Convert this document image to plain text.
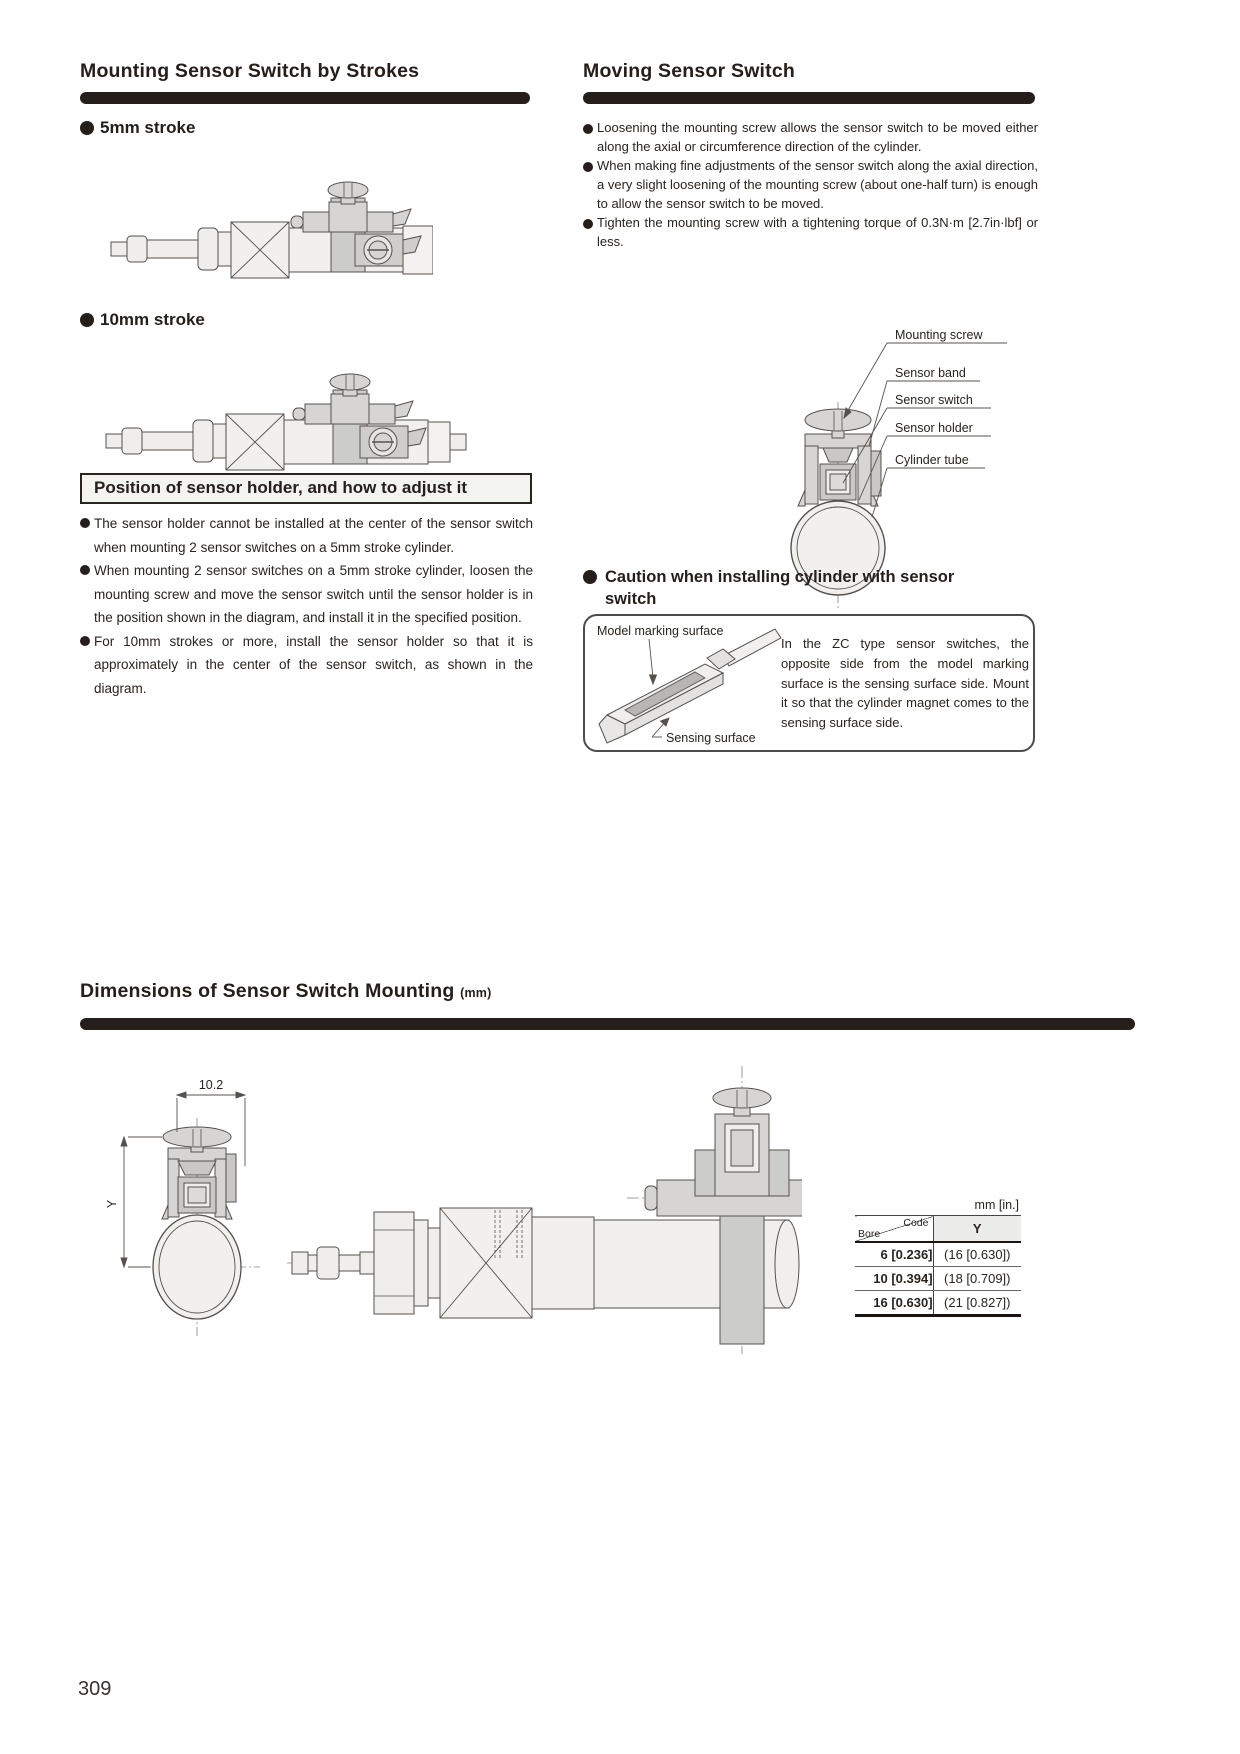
Mounting Sensor Switch by Strokes
5mm stroke
10mm stroke
Position of sensor holder, and how to adjust it
The sensor holder cannot be installed at the center of the sensor switch when mounting 2 sensor switches on a 5mm stroke cylinder.
When mounting 2 sensor switches on a 5mm stroke cylinder, loosen the mounting screw and move the sensor switch until the sensor holder is in the position shown in the diagram, and install it in the specified position.
For 10mm strokes or more, install the sensor holder so that it is approximately in the center of the sensor switch, as shown in the diagram.
Moving Sensor Switch
Loosening the mounting screw allows the sensor switch to be moved either along the axial or circumference direction of the cylinder.
When making fine adjustments of the sensor switch along the axial direction, a very slight loosening of the mounting screw (about one-half turn) is enough to allow the sensor switch to be moved.
Tighten the mounting screw with a tightening torque of 0.3N·m [2.7in·lbf] or less.
Mounting screw
Sensor band
Sensor switch
Sensor holder
Cylinder tube
Caution when installing cylinder with sensor switch
Model marking surface
Sensing surface
In the ZC type sensor switches, the opposite side from the model marking surface is the sensing surface side. Mount it so that the cylinder magnet comes to the sensing surface side.
Dimensions of Sensor Switch Mounting (mm)
10.2
Y	mm [in.]
Code
Bore	Y
6 [0.236]	(16 [0.630])
10 [0.394]	(18 [0.709])
16 [0.630]	(21 [0.827])
309
